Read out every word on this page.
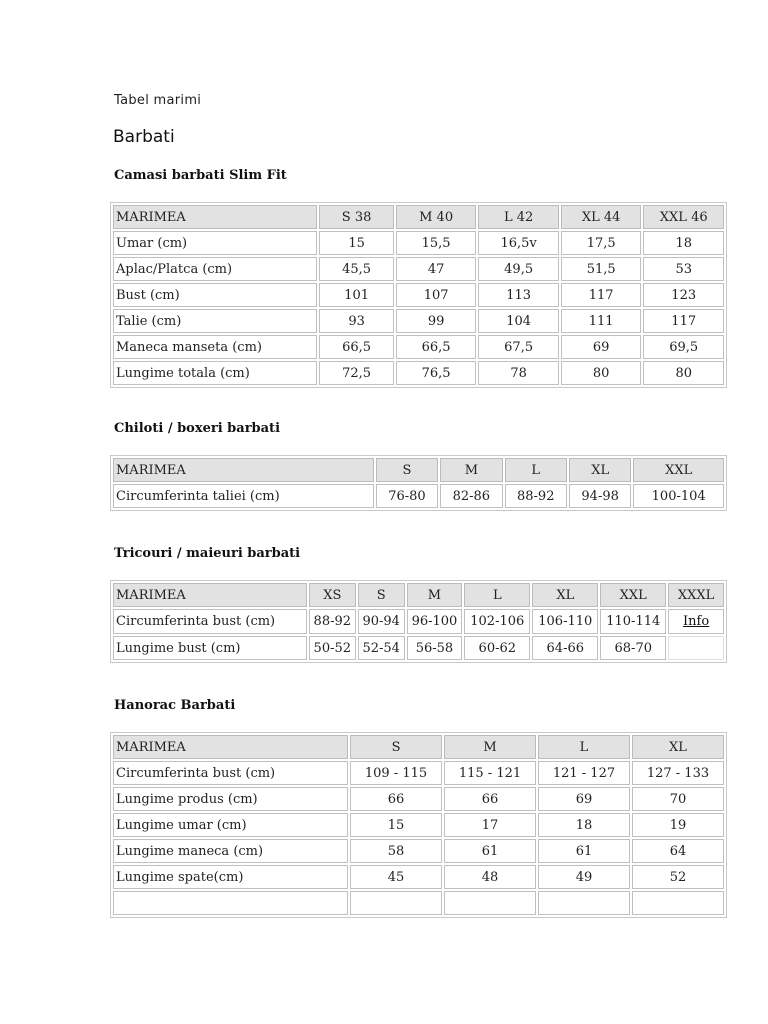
Tabel marimi
Barbati
Camasi barbati Slim Fit
MARIMEA	S 38	M 40	L 42	XL 44	XXL 46
Umar (cm)	15	15,5	16,5v	17,5	18
Aplac/Platca (cm)	45,5	47	49,5	51,5	53
Bust (cm)	101	107	113	117	123
Talie (cm)	93	99	104	111	117
Maneca manseta (cm)	66,5	66,5	67,5	69	69,5
Lungime totala (cm)	72,5	76,5	78	80	80
Chiloti / boxeri barbati
MARIMEA	S	M	L	XL	XXL
Circumferinta taliei (cm)	76-80	82-86	88-92	94-98	100-104
Tricouri / maieuri barbati
MARIMEA	XS	S	M	L	XL	XXL	XXXL
Circumferinta bust (cm)	88-92	90-94	96-100	102-106	106-110	110-114	Info
Lungime bust (cm)	50-52	52-54	56-58	60-62	64-66	68-70	
Hanorac Barbati
MARIMEA	S	M	L	XL
Circumferinta bust (cm)	109 - 115	115 - 121	121 - 127	127 - 133
Lungime produs (cm)	66	66	69	70
Lungime umar (cm)	15	17	18	19
Lungime maneca (cm)	58	61	61	64
Lungime spate(cm)	45	48	49	52
